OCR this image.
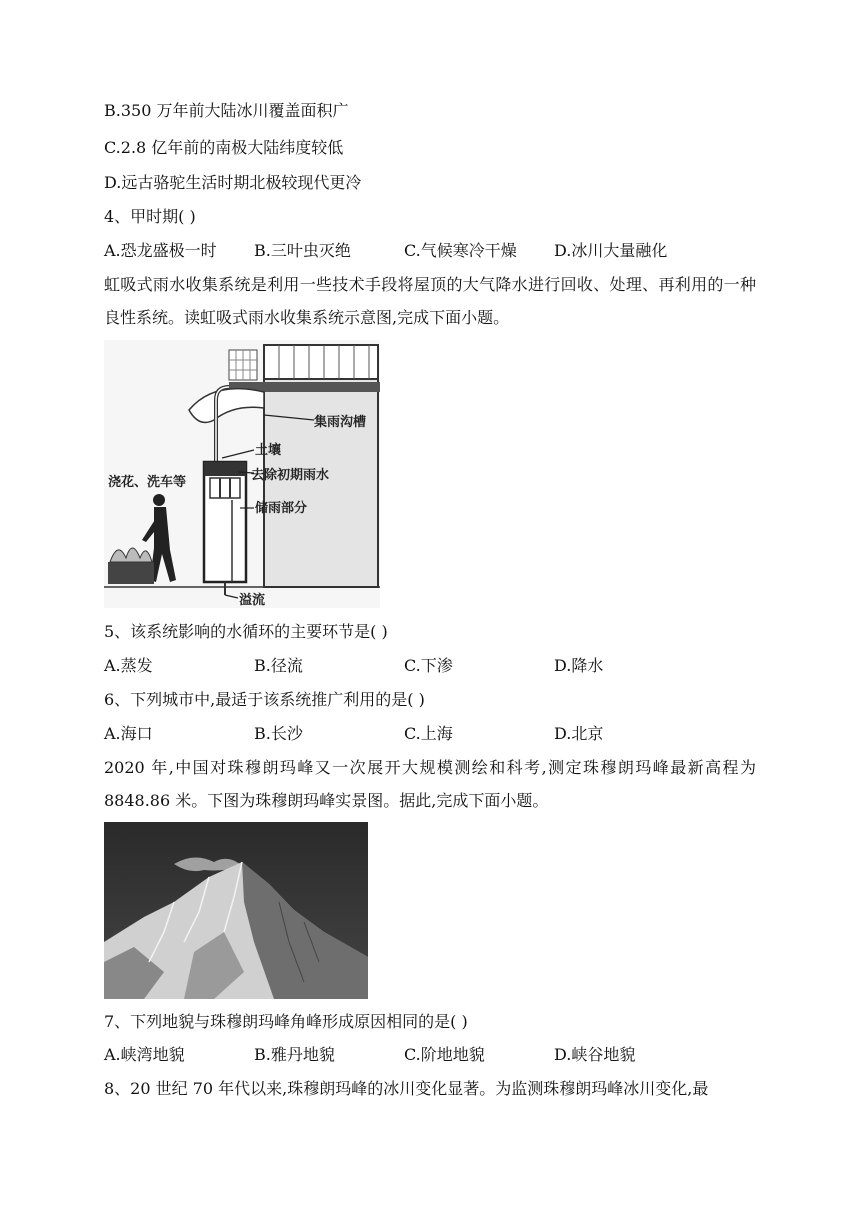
B.350 万年前大陆冰川覆盖面积广
C.2.8 亿年前的南极大陆纬度较低
D.远古骆驼生活时期北极较现代更冷
4、甲时期( )
A.恐龙盛极一时 B.三叶虫灭绝	C.气候寒冷干燥 D.冰川大量融化
虹吸式雨水收集系统是利用一些技术手段将屋顶的大气降水进行回收、处理、再利用的一种良性系统。读虹吸式雨水收集系统示意图,完成下面小题。
集雨沟槽
土壤
去除初期雨水
储雨部分
浇花、洗车等
溢流
5、该系统影响的水循环的主要环节是( )
A.蒸发	B.径流	C.下渗	D.降水
6、下列城市中,最适于该系统推广利用的是( )
A.海口	B.长沙	C.上海	D.北京
2020 年,中国对珠穆朗玛峰又一次展开大规模测绘和科考,测定珠穆朗玛峰最新高程为 8848.86 米。下图为珠穆朗玛峰实景图。据此,完成下面小题。
7、下列地貌与珠穆朗玛峰角峰形成原因相同的是( )
A.峡湾地貌	B.雅丹地貌	C.阶地地貌	D.峡谷地貌
8、20 世纪 70 年代以来,珠穆朗玛峰的冰川变化显著。为监测珠穆朗玛峰冰川变化,最
